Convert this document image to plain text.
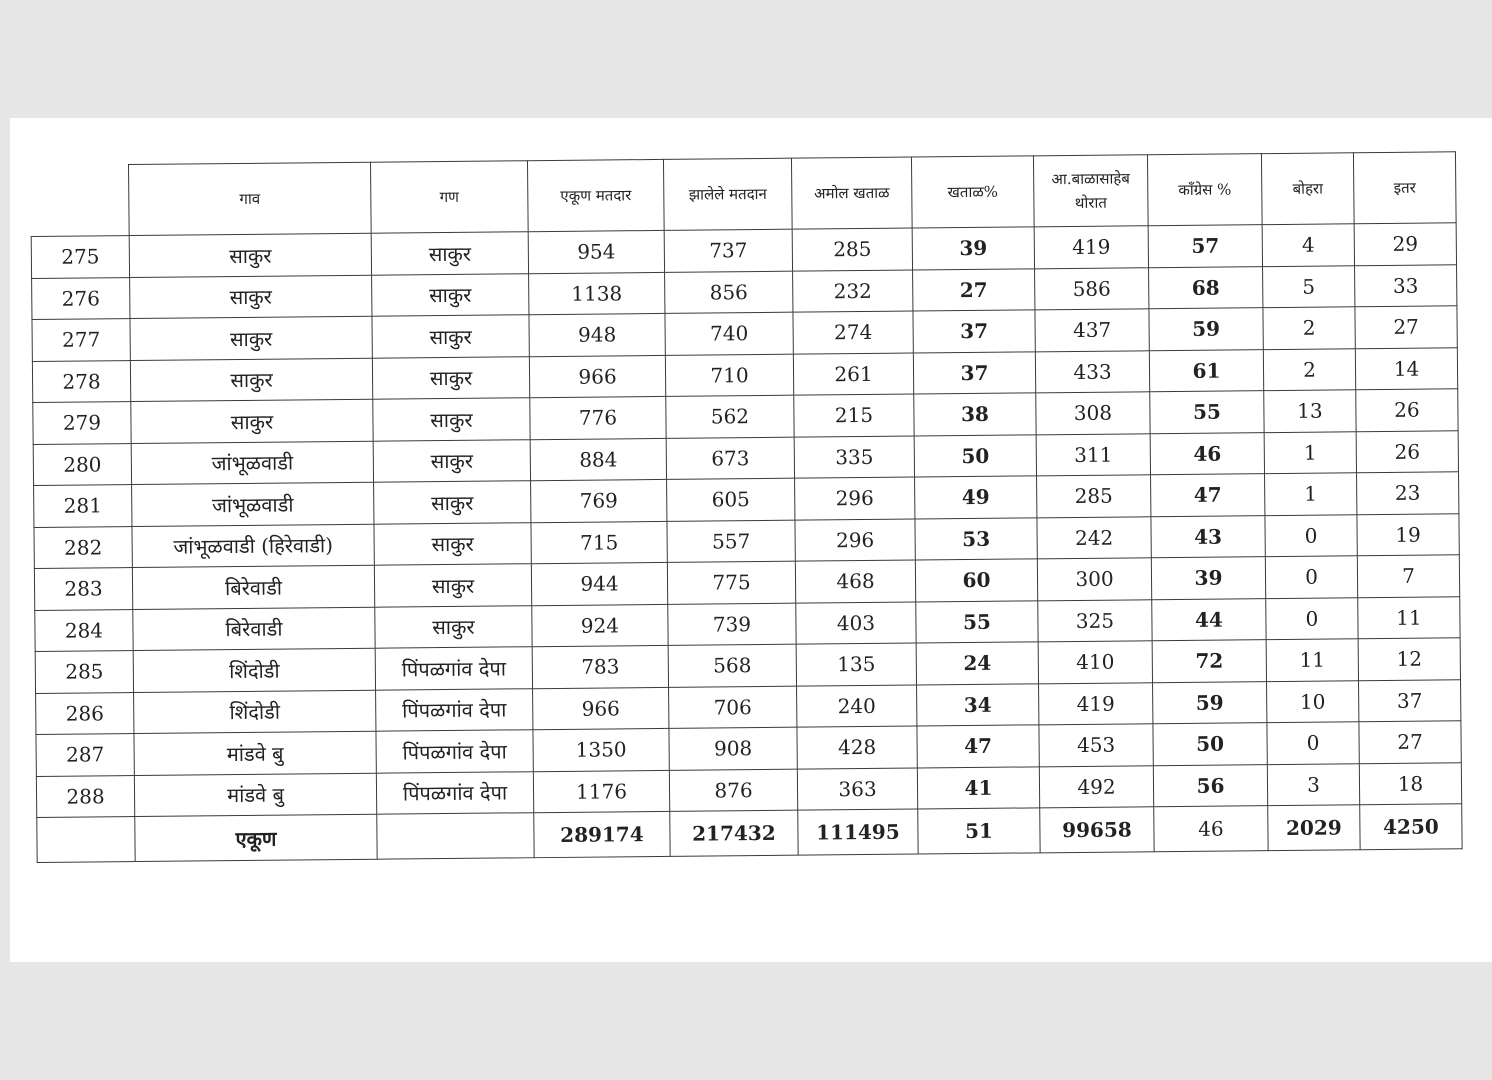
	गाव	गण	एकूण मतदार	झालेले मतदान	अमोल खताळ	खताळ%	आ.बाळासाहेब थोरात	कॉंग्रेस %	बोहरा	इतर
275	साकुर	साकुर	954	737	285	39	419	57	4	29
276	साकुर	साकुर	1138	856	232	27	586	68	5	33
277	साकुर	साकुर	948	740	274	37	437	59	2	27
278	साकुर	साकुर	966	710	261	37	433	61	2	14
279	साकुर	साकुर	776	562	215	38	308	55	13	26
280	जांभूळवाडी	साकुर	884	673	335	50	311	46	1	26
281	जांभूळवाडी	साकुर	769	605	296	49	285	47	1	23
282	जांभूळवाडी (हिरेवाडी)	साकुर	715	557	296	53	242	43	0	19
283	बिरेवाडी	साकुर	944	775	468	60	300	39	0	7
284	बिरेवाडी	साकुर	924	739	403	55	325	44	0	11
285	शिंदोडी	पिंपळगांव देपा	783	568	135	24	410	72	11	12
286	शिंदोडी	पिंपळगांव देपा	966	706	240	34	419	59	10	37
287	मांडवे बु	पिंपळगांव देपा	1350	908	428	47	453	50	0	27
288	मांडवे बु	पिंपळगांव देपा	1176	876	363	41	492	56	3	18
	एकूण		289174	217432	111495	51	99658	46	2029	4250
